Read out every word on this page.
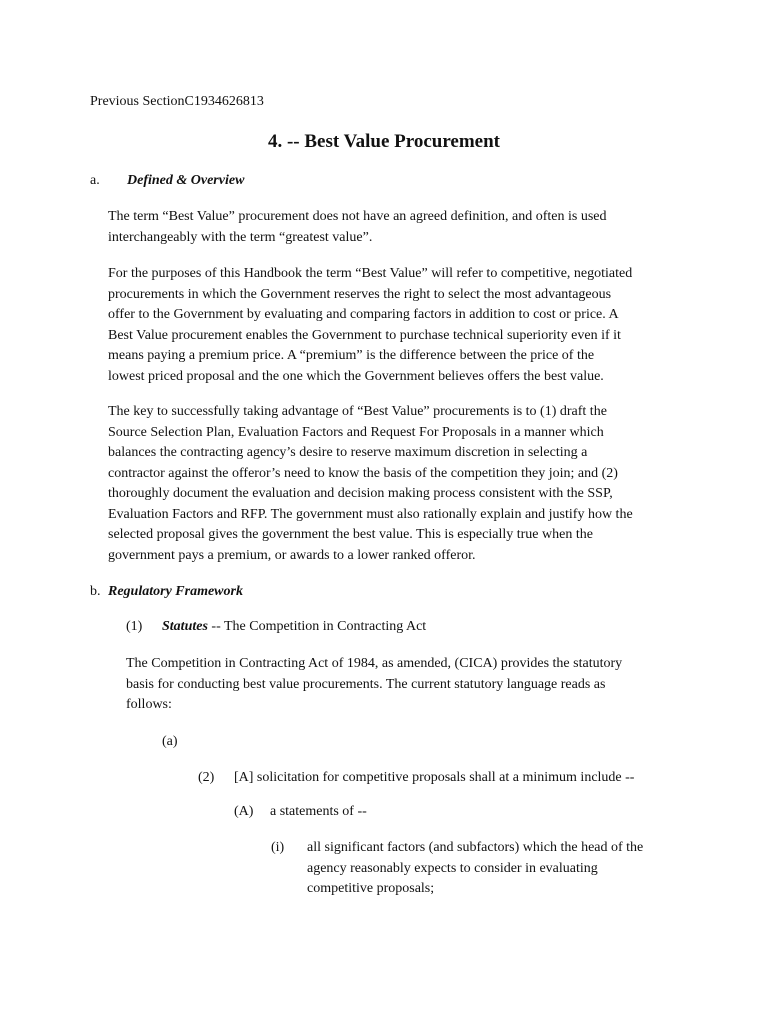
Previous SectionC1934626813
4. -- Best Value Procurement
a. Defined & Overview
The term “Best Value” procurement does not have an agreed definition, and often is used
interchangeably with the term “greatest value”.
For the purposes of this Handbook the term “Best Value” will refer to competitive, negotiated
procurements in which the Government reserves the right to select the most advantageous
offer to the Government by evaluating and comparing factors in addition to cost or price. A
Best Value procurement enables the Government to purchase technical superiority even if it
means paying a premium price. A “premium” is the difference between the price of the
lowest priced proposal and the one which the Government believes offers the best value.
The key to successfully taking advantage of “Best Value” procurements is to (1) draft the
Source Selection Plan, Evaluation Factors and Request For Proposals in a manner which
balances the contracting agency’s desire to reserve maximum discretion in selecting a
contractor against the offeror’s need to know the basis of the competition they join; and (2)
thoroughly document the evaluation and decision making process consistent with the SSP,
Evaluation Factors and RFP. The government must also rationally explain and justify how the
selected proposal gives the government the best value. This is especially true when the
government pays a premium, or awards to a lower ranked offeror.
b. Regulatory Framework
(1) Statutes -- The Competition in Contracting Act
The Competition in Contracting Act of 1984, as amended, (CICA) provides the statutory
basis for conducting best value procurements. The current statutory language reads as
follows:
(a)
(2) [A] solicitation for competitive proposals shall at a minimum include --
(A) a statements of --
(i) all significant factors (and subfactors) which the head of the
agency reasonably expects to consider in evaluating
competitive proposals;
